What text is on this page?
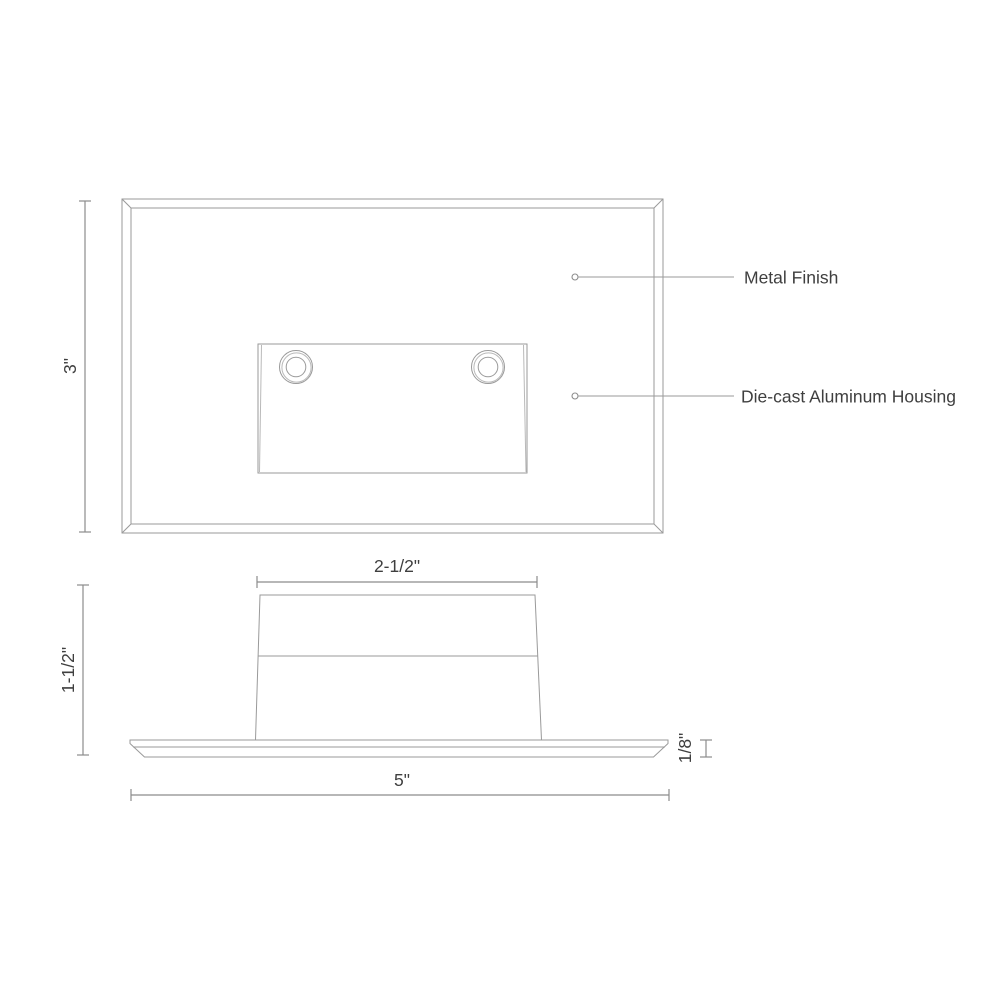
3"
Metal Finish
Die-cast Aluminum Housing
2-1/2"
1-1/2"
1/8"
5"
